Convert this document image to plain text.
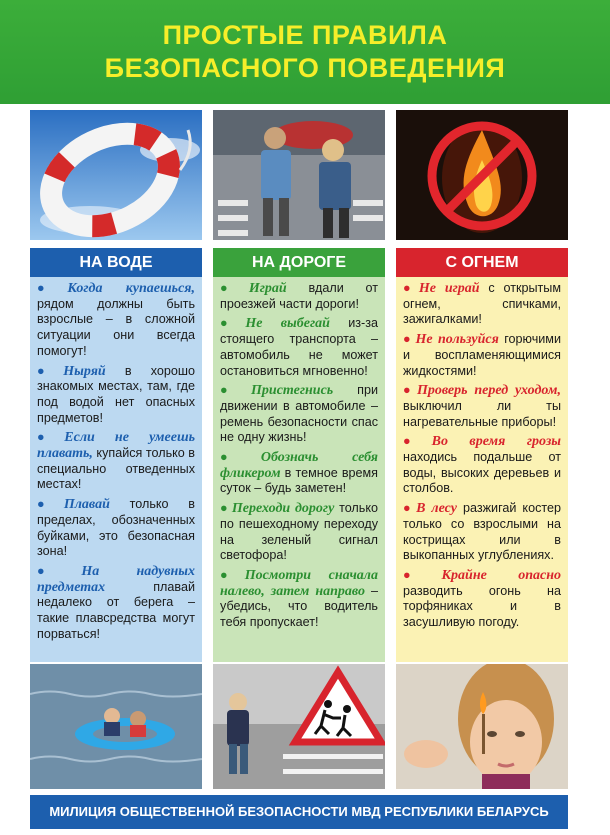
ПРОСТЫЕ ПРАВИЛА
БЕЗОПАСНОГО ПОВЕДЕНИЯ
НА ВОДЕ

● Когда купаешься, рядом должны быть взрослые – в сложной ситуации они всегда помогут!

● Ныряй в хорошо знакомых местах, там, где под водой нет опасных предметов!

● Если не умеешь плавать, купайся только в специально отведенных местах!

● Плавай только в пределах, обозначенных буйками, это безопасная зона!

● На надувных предметах плавай недалеко от берега – такие плавсредства могут порваться!

НА ДОРОГЕ

● Играй вдали от проезжей части дороги!

● Не выбегай из-за стоящего транспорта – автомобиль не может остановиться мгновенно!

● Пристегнись при движении в автомобиле – ремень безопасности спас не одну жизнь!

● Обозначь себя фликером в темное время суток – будь заметен!

● Переходи дорогу только по пешеходному переходу на зеленый сигнал светофора!

● Посмотри сначала налево, затем направо – убедись, что водитель тебя пропускает!

С ОГНЕМ

● Не играй с открытым огнем, спичками, зажигалками!

● Не пользуйся горючими и воспламеняющимися жидкостями!

● Проверь перед уходом, выключил ли ты нагревательные приборы!

● Во время грозы находись подальше от воды, высоких деревьев и столбов.

● В лесу разжигай костер только со взрослыми на кострищах или в выкопанных углублениях.

● Крайне опасно разводить огонь на торфяниках и в засушливую погоду.

МИЛИЦИЯ ОБЩЕСТВЕННОЙ БЕЗОПАСНОСТИ МВД РЕСПУБЛИКИ БЕЛАРУСЬ
